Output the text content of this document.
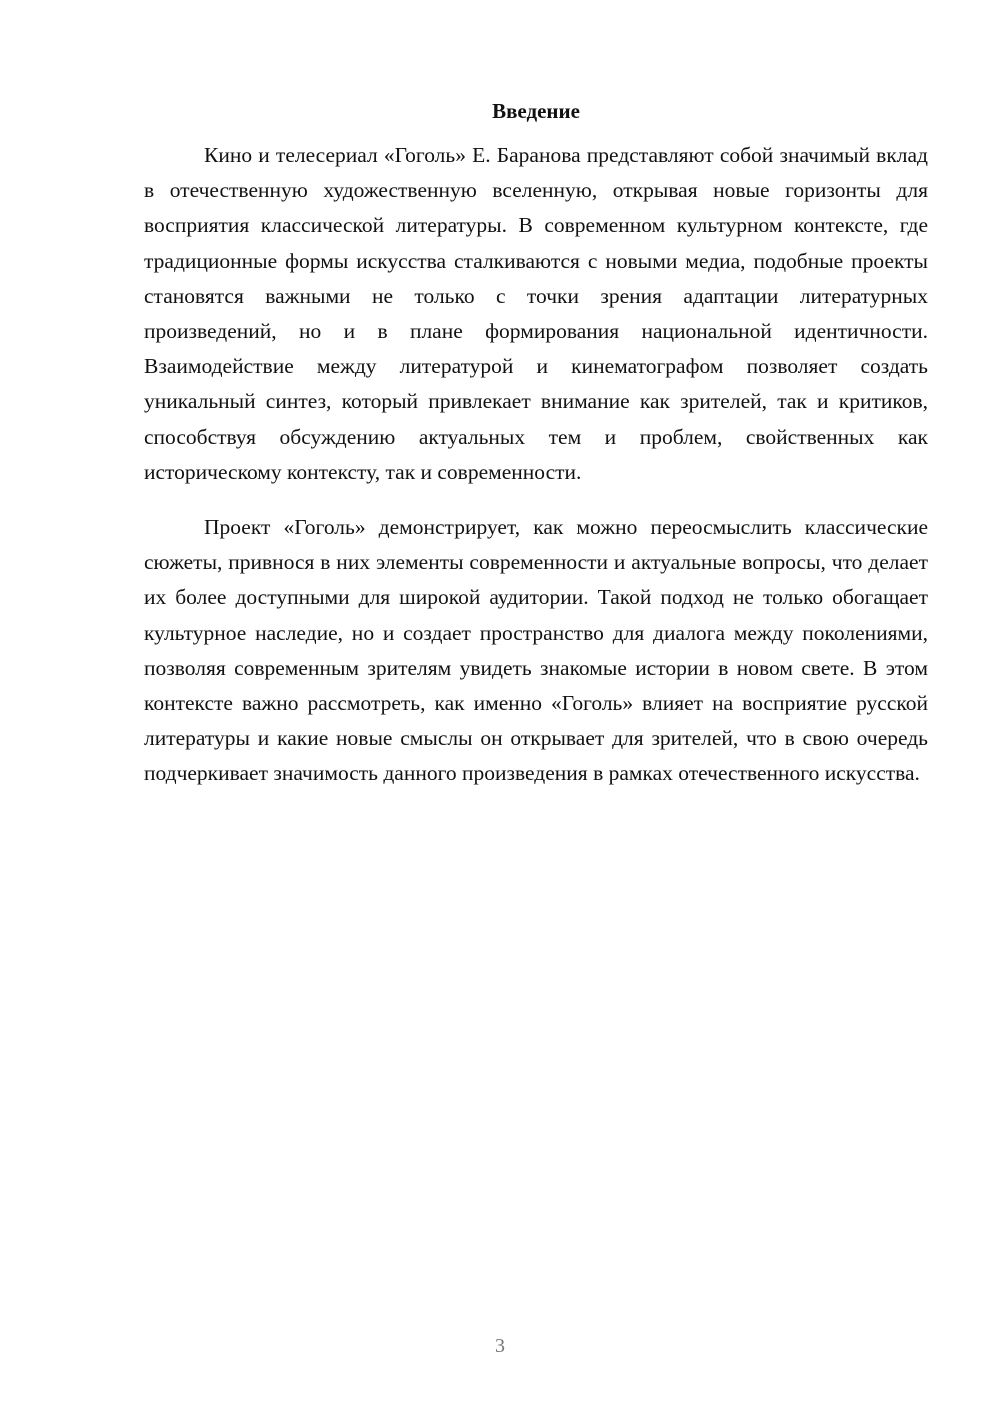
Введение

Кино и телесериал «Гоголь» Е. Баранова представляют собой значимый вклад в отечественную художественную вселенную, открывая новые горизонты для восприятия классической литературы. В современном культурном контексте, где традиционные формы искусства сталкиваются с новыми медиа, подобные проекты становятся важными не только с точки зрения адаптации литературных произведений, но и в плане формирования национальной идентичности. Взаимодействие между литературой и кинематографом позволяет создать уникальный синтез, который привлекает внимание как зрителей, так и критиков, способствуя обсуждению актуальных тем и проблем, свойственных как историческому контексту, так и современности.

Проект «Гоголь» демонстрирует, как можно переосмыслить классические сюжеты, привнося в них элементы современности и актуальные вопросы, что делает их более доступными для широкой аудитории. Такой подход не только обогащает культурное наследие, но и создает пространство для диалога между поколениями, позволяя современным зрителям увидеть знакомые истории в новом свете. В этом контексте важно рассмотреть, как именно «Гоголь» влияет на восприятие русской литературы и какие новые смыслы он открывает для зрителей, что в свою очередь подчеркивает значимость данного произведения в рамках отечественного искусства.

3
